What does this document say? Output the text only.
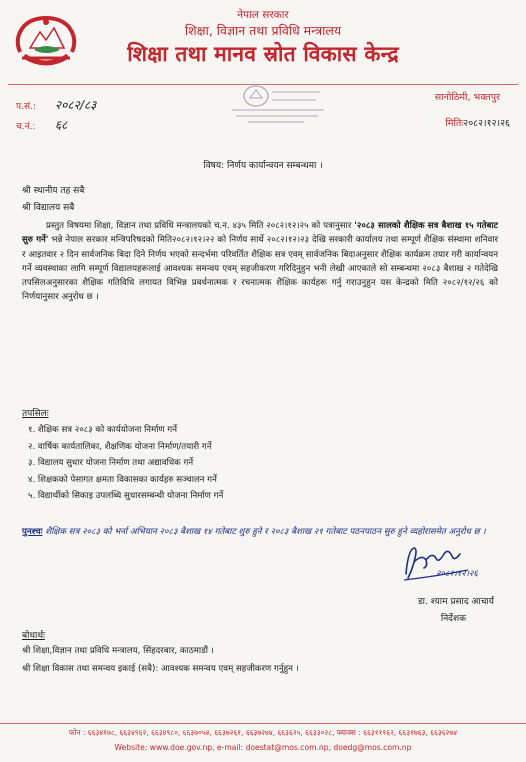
नेपाल सरकार
शिक्षा, विज्ञान तथा प्रविधि मन्त्रालय
शिक्षा तथा मानव स्रोत विकास केन्द्र
सानोठिमी, भक्तपुर
प.सं.: २०८२/८३
च.नं.: ६८	मितिः२०८२।१२।२६
विषय: निर्णय कार्यान्वयन सम्बन्धमा ।
श्री स्थानीय तह सबै
श्री विद्यालय सबै
प्रस्तुत विषयमा शिक्षा, विज्ञान तथा प्रविधि मन्त्रालयको च.न. ४३५ मिति २०८२।१२।२५ को पत्रानुसार '२०८३ सालको शैक्षिक सत्र बैशाख १५ गतेबाट सुरु गर्ने' भन्ने नेपाल सरकार मन्त्रिपरिषदको मिति२०८२।१२।२२ को निर्णय सार्थे २०८२।१२।२३ देखि सरकारी कार्यालय तथा सम्पूर्ण शैक्षिक संस्थामा शनिवार र आइतवार २ दिन सार्वजनिक बिदा दिने निर्णय भएको सन्दर्भमा परिवर्तित शैक्षिक सत्र एवम् सार्वजनिक बिदाअनुसार शैक्षिक कार्यक्रम तयार गरी कार्यान्वयन गर्ने व्यवस्थाका लागि सम्पूर्ण विद्यालयहरूलाई आवश्यक समन्वय एवम् सहजीकरण गरिदिनुहुन भनी लेखी आएकाले सो सम्बन्धमा २०८३ बैशाख २ गतेदेखि तपसिलअनुसारका शैक्षिक गतिविधि लगायत विभिन्न प्रबर्धनात्मक र रचनात्मक शैक्षिक कार्यहरू गर्नु गराउनुहुन यस केन्द्रको मिति २०८२/१२/२६ को निर्णयानुसार अनुरोध छ ।
तपसिलः
१. शैक्षिक सत्र २०८३ को कार्ययोजना निर्माण गर्ने
२. वार्षिक कार्यतालिका, शैक्षणिक योजना निर्माण/तयारी गर्ने
३. विद्यालय सुधार योजना निर्माण तथा अद्यावधिक गर्ने
४. शिक्षकको पेसागत क्षमता विकासका कार्यहरु सञ्चालन गर्ने
५. विद्यार्थीको सिकाइ उपलब्धि सुधारसम्बन्धी योजना निर्माण गर्ने
पुनश्चः शैक्षिक सत्र २०८३ को भर्ना अभियान २०८३ बैशाख १४ गतेबाट शुरु हुने र २०८३ बैशाख २१ गतेबाट पठनपाठन सुरु हुने व्यहोरासमेत अनुरोध छ ।
२०८२।१२।२६
डा. श्याम प्रसाद आचार्य
निर्देशक
बोधार्थः
श्री शिक्षा,विज्ञान तथा प्रविधि मन्त्रालय, सिंहदरबार, काठमाडौं ।
श्री शिक्षा विकास तथा समन्वय इकाई (सबै): आवश्यक समन्वय एवम् सहजीकरण गर्नुहुन ।
फोन : ६६३४१७८, ६६३४९६२, ६६३४९८०, ६६३७०५४, ६६३७२६१, ६६३७२७४, ६६३६२५, ६६३३०२८, फ्याक्स : ६६३१११६२, ६६३१७६३, ६६३६२७४
Website: www.doe.gov.np, e-mail: doestat@mos.com.np, doedg@mos.com.np
